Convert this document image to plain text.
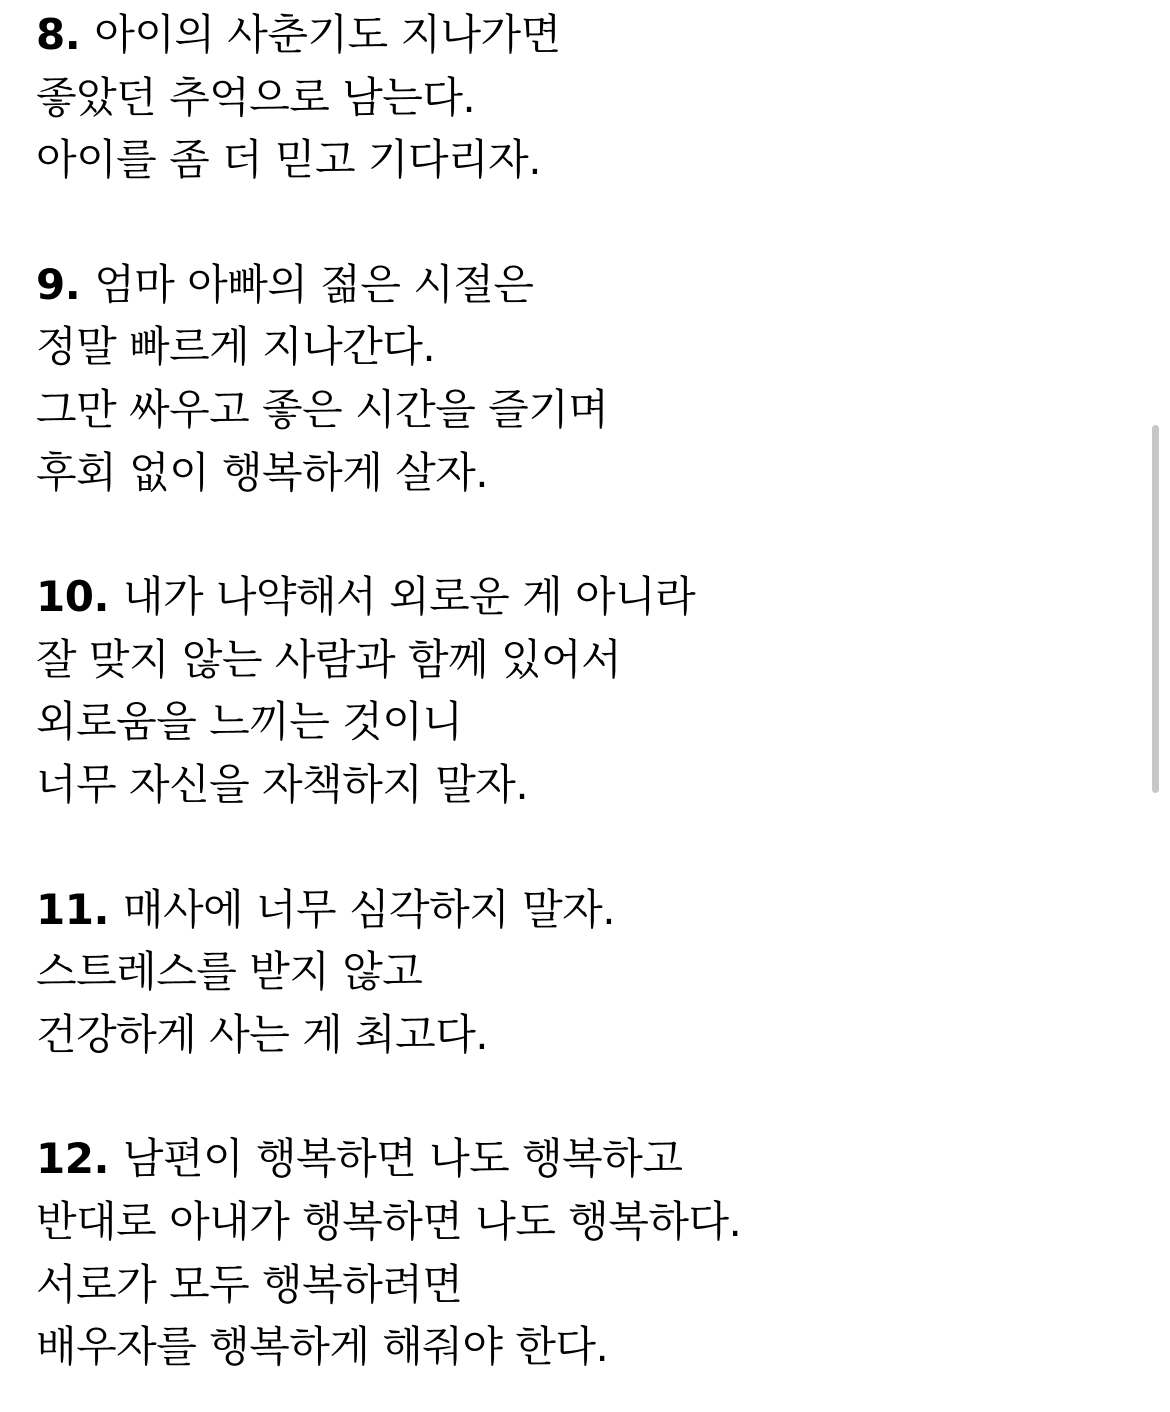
8. 아이의 사춘기도 지나가면
좋았던 추억으로 남는다.
아이를 좀 더 믿고 기다리자.
9. 엄마 아빠의 젊은 시절은
정말 빠르게 지나간다.
그만 싸우고 좋은 시간을 즐기며
후회 없이 행복하게 살자.
10. 내가 나약해서 외로운 게 아니라
잘 맞지 않는 사람과 함께 있어서
외로움을 느끼는 것이니
너무 자신을 자책하지 말자.
11. 매사에 너무 심각하지 말자.
스트레스를 받지 않고
건강하게 사는 게 최고다.
12. 남편이 행복하면 나도 행복하고
반대로 아내가 행복하면 나도 행복하다.
서로가 모두 행복하려면
배우자를 행복하게 해줘야 한다.
